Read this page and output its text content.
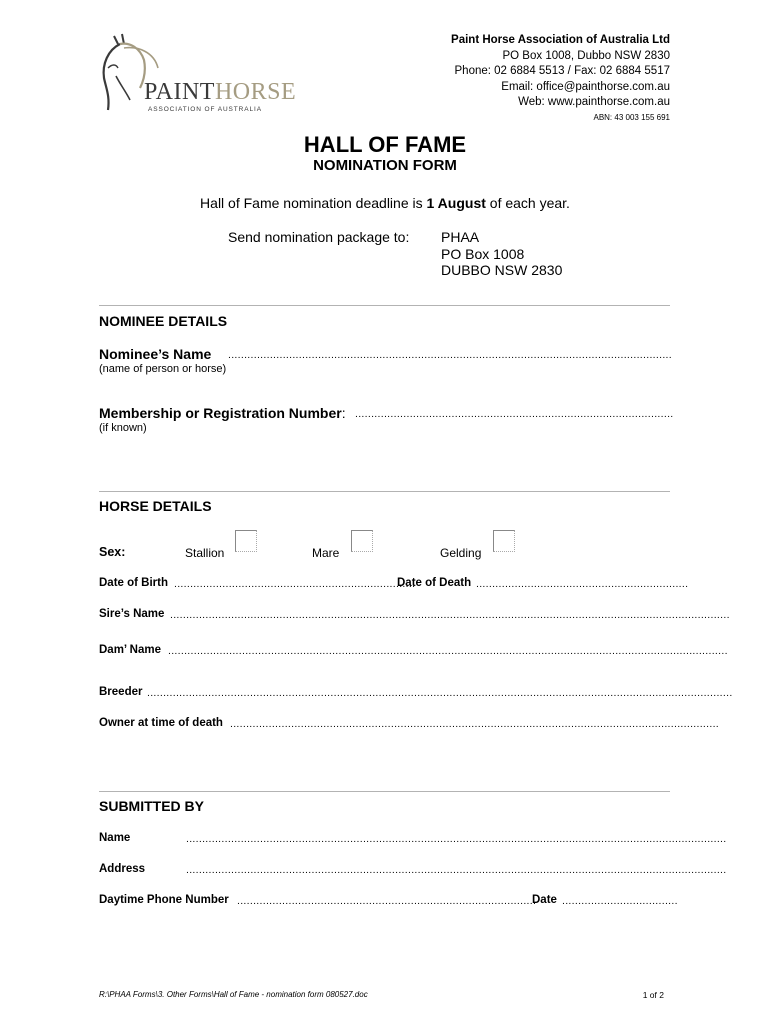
PAINTHORSE
ASSOCIATION OF AUSTRALIA
Paint Horse Association of Australia Ltd
PO Box 1008, Dubbo NSW 2830
Phone: 02 6884 5513 / Fax: 02 6884 5517
Email: office@painthorse.com.au
Web: www.painthorse.com.au
ABN: 43 003 155 691
HALL OF FAME
NOMINATION FORM
Hall of Fame nomination deadline is 1 August of each year.
Send nomination package to: PHAA
PO Box 1008
DUBBO NSW 2830
NOMINEE DETAILS
Nominee’s Name ..........................................................................................................................................
(name of person or horse)
Membership or Registration Number: ...................................................................................................
(if known)
HORSE DETAILS
Sex:	Stallion	Mare	Gelding
Date of Birth ...........................................................................
Date of Death ..................................................................
Sire’s Name ..............................................................................................................................................................................
Dam’ Name ..............................................................................................................................................................................
Breeder ......................................................................................................................................................................................
Owner at time of death ........................................................................................................................................................
SUBMITTED BY
Name	........................................................................................................................................................................
Address	........................................................................................................................................................................
Daytime Phone Number .............................................................................................
Date ....................................
R:\PHAA Forms\3. Other Forms\Hall of Fame - nomination form 080527.doc	1 of 2
